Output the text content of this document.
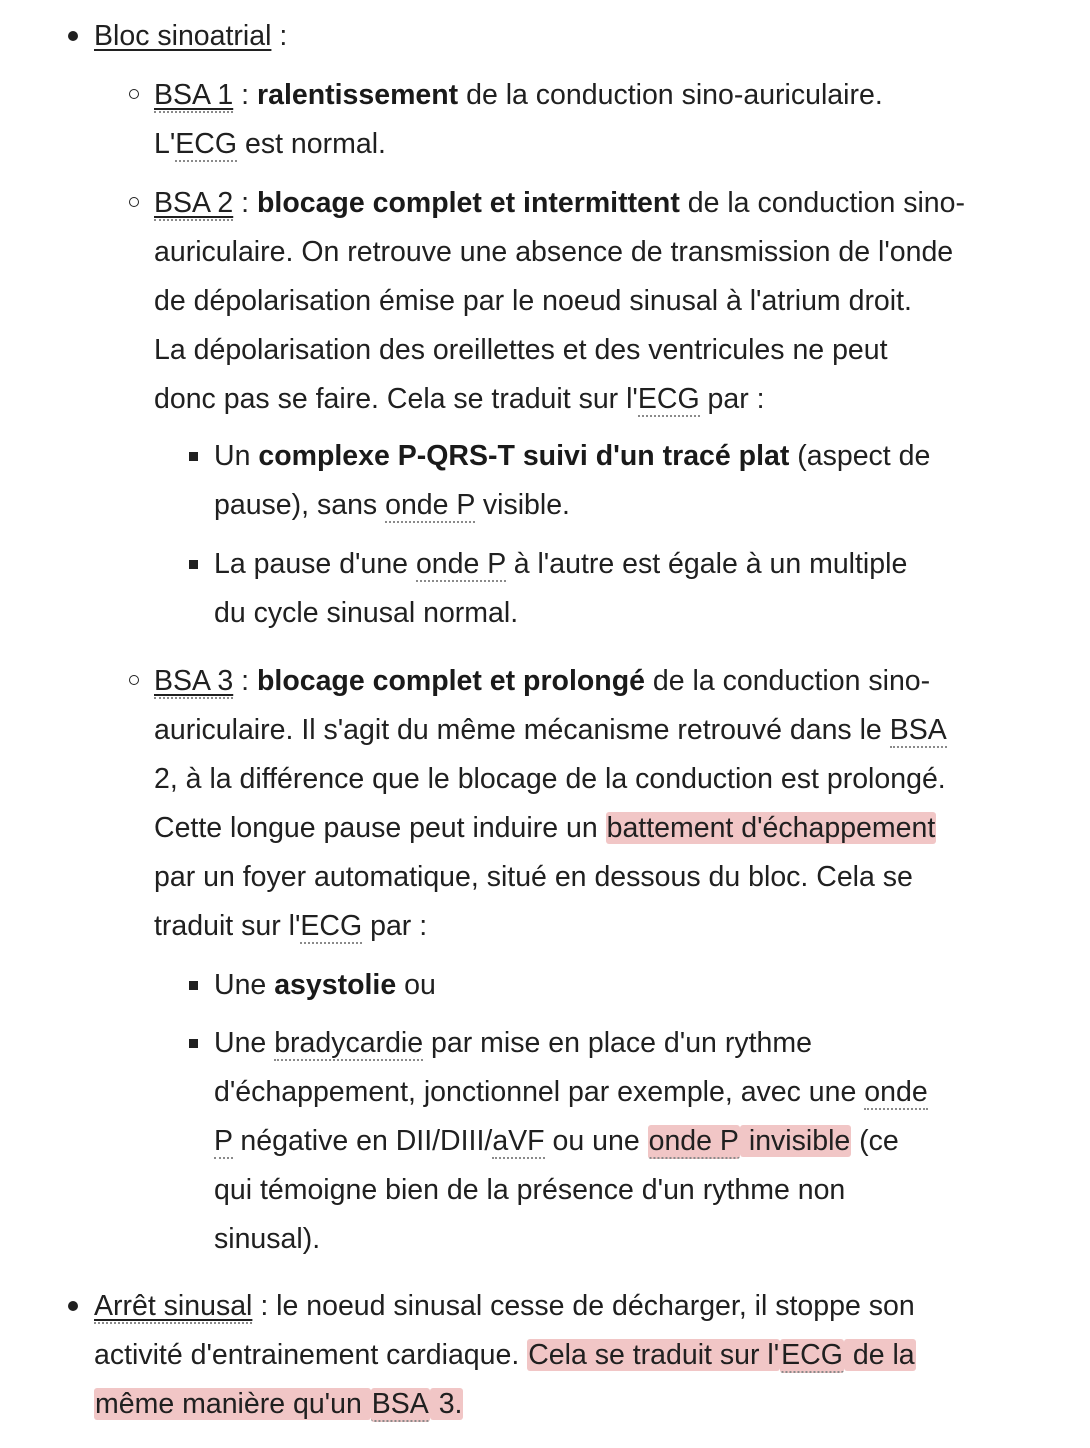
Bloc sinoatrial :
BSA 1 : ralentissement de la conduction sino-auriculaire.
L'ECG est normal.
BSA 2 : blocage complet et intermittent de la conduction sino-
auriculaire. On retrouve une absence de transmission de l'onde
de dépolarisation émise par le noeud sinusal à l'atrium droit.
La dépolarisation des oreillettes et des ventricules ne peut
donc pas se faire. Cela se traduit sur l'ECG par :
Un complexe P-QRS-T suivi d'un tracé plat (aspect de
pause), sans onde P visible.
La pause d'une onde P à l'autre est égale à un multiple
du cycle sinusal normal.
BSA 3 : blocage complet et prolongé de la conduction sino-
auriculaire. Il s'agit du même mécanisme retrouvé dans le BSA
2, à la différence que le blocage de la conduction est prolongé.
Cette longue pause peut induire un battement d'échappement
par un foyer automatique, situé en dessous du bloc. Cela se
traduit sur l'ECG par :
Une asystolie ou
Une bradycardie par mise en place d'un rythme
d'échappement, jonctionnel par exemple, avec une onde
P négative en DII/DIII/aVF ou une onde P invisible (ce
qui témoigne bien de la présence d'un rythme non
sinusal).
Arrêt sinusal : le noeud sinusal cesse de décharger, il stoppe son
activité d'entrainement cardiaque. Cela se traduit sur l'ECG de la
même manière qu'un BSA 3.
